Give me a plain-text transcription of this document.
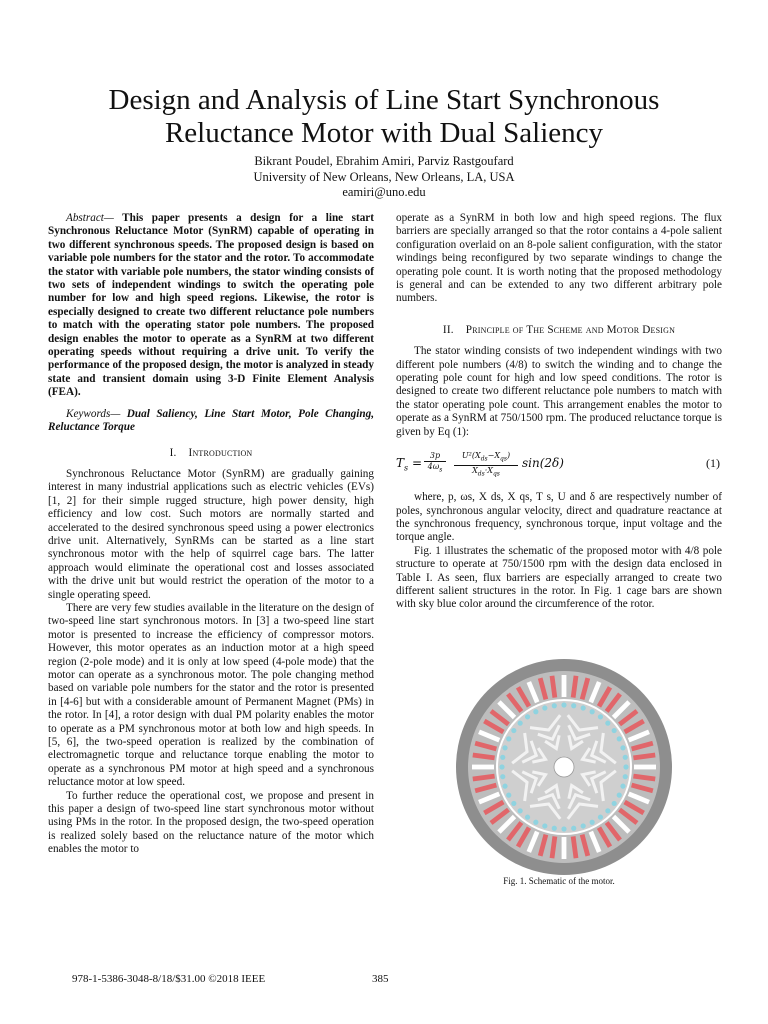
Design and Analysis of Line Start Synchronous
Reluctance Motor with Dual Saliency
Bikrant Poudel, Ebrahim Amiri, Parviz Rastgoufard
University of New Orleans, New Orleans, LA, USA
eamiri@uno.edu

Abstract— This paper presents a design for a line start Synchronous Reluctance Motor (SynRM) capable of operating in two different synchronous speeds. The proposed design is based on variable pole numbers for the stator and the rotor. To accommodate the stator with variable pole numbers, the stator winding consists of two sets of independent windings to switch the operating pole number for low and high speed regions. Likewise, the rotor is especially designed to create two different reluctance pole numbers to match with the operating stator pole numbers. The proposed design enables the motor to operate as a SynRM at two different operating speeds without requiring a drive unit. To verify the performance of the proposed design, the motor is analyzed in steady state and transient domain using 3-D Finite Element Analysis (FEA).

Keywords— Dual Saliency, Line Start Motor, Pole Changing, Reluctance Torque

I. Introduction

Synchronous Reluctance Motor (SynRM) are gradually gaining interest in many industrial applications such as electric vehicles (EVs) [1, 2] for their simple rugged structure, high power density, high efficiency and low cost. Such motors are normally started and accelerated to the desired synchronous speed using a power electronics drive unit. Alternatively, SynRMs can be started as a line start synchronous motor with the help of squirrel cage bars. The latter approach would eliminate the operational cost and losses associated with the drive unit but would restrict the operation of the motor to a single operating speed.

There are very few studies available in the literature on the design of two-speed line start synchronous motors. In [3] a two-speed line start motor is presented to increase the efficiency of compressor motors. However, this motor operates as an induction motor at a high speed region (2-pole mode) and it is only at low speed (4-pole mode) that the motor can operate as a synchronous motor. The pole changing method based on variable pole numbers for the stator and the rotor is presented in [4-6] but with a considerable amount of Permanent Magnet (PMs) in the rotor. In [4], a rotor design with dual PM polarity enables the motor to operate as a PM synchronous motor at both low and high speeds. In [5, 6], the two-speed operation is realized by the combination of electromagnetic torque and reluctance torque enabling the motor to operate as a synchronous PM motor at high speed and a synchronous reluctance motor at low speed.

To further reduce the operational cost, we propose and present in this paper a design of two-speed line start synchronous motor without using PMs in the rotor. In the proposed design, the two-speed operation is realized solely based on the reluctance nature of the motor which enables the motor to

operate as a SynRM in both low and high speed regions. The flux barriers are specially arranged so that the rotor contains a 4-pole salient configuration overlaid on an 8-pole salient configuration, with the stator windings being reconfigured by two separate windings to change the operating pole count. It is worth noting that the proposed methodology is general and can be extended to any two different arbitrary pole numbers.

II. Principle of The Scheme and Motor Design

The stator winding consists of two independent windings with two different pole numbers (4/8) to switch the winding and to change the operating pole count for high and low speed conditions. The rotor is designed to create two different reluctance pole numbers to match with the stator operating pole count. This arrangement enables the motor to operate as a SynRM at 750/1500 rpm. The produced reluctance torque is given by Eq (1):

$T_s = \frac{3p}{4\omega_s}$	$U^2(X_{ds}-X_{qs})$
$X_{ds}\cdot X_{qs}$
sin(2δ)	(1)

where, p, ωs, X ds, X qs, T s, U and δ are respectively number of poles, synchronous angular velocity, direct and quadrature reactance at the synchronous frequency, synchronous torque, input voltage and the torque angle.

Fig. 1 illustrates the schematic of the proposed motor with 4/8 pole structure to operate at 750/1500 rpm with the design data enclosed in Table I. As seen, flux barriers are especially arranged to create two different salient structures in the rotor. In Fig. 1 cage bars are shown with sky blue color around the circumference of the rotor.

Fig. 1. Schematic of the motor.
978-1-5386-3048-8/18/$31.00 ©2018 IEEE	385
